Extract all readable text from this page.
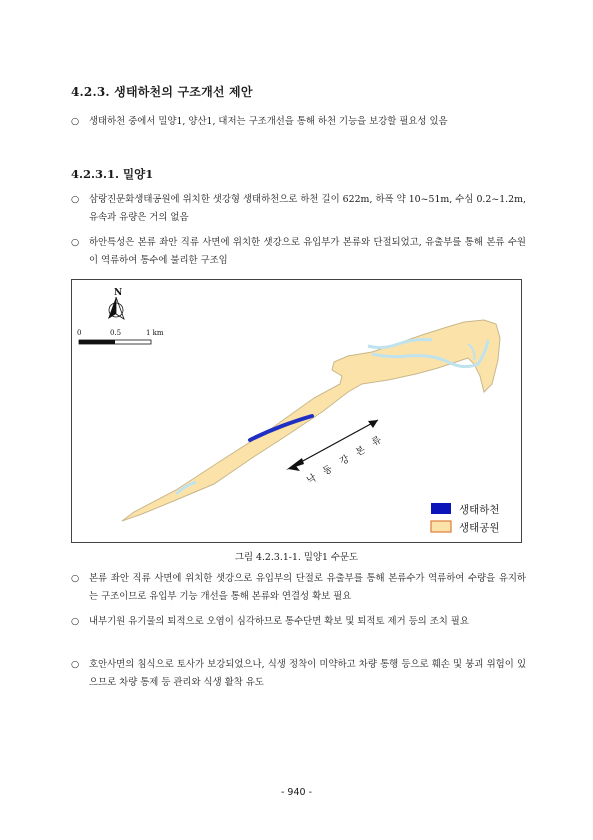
4.2.3. 생태하천의 구조개선 제안
○	생태하천 중에서 밀양1, 양산1, 대저는 구조개선을 통해 하천 기능을 보강할 필요성 있음
4.2.3.1. 밀양1
○	삼랑진문화생태공원에 위치한 샛강형 생태하천으로 하천 길이 622m, 하폭 약 10~51m, 수심 0.2~1.2m, 유속과 유량은 거의 없음
○	하안특성은 본류 좌안 직류 사면에 위치한 샛강으로 유입부가 본류와 단절되었고, 유출부를 통해 본류 수원이 역류하여 통수에 불리한 구조임
낙
동
강
본
류
N
0	0.5	1 km
생태하천
생태공원
그림 4.2.3.1-1. 밀양1 수문도
○	본류 좌안 직류 사면에 위치한 샛강으로 유입부의 단절로 유출부를 통해 본류수가 역류하여 수량을 유지하는 구조이므로 유입부 기능 개선을 통해 본류와 연결성 확보 필요
○	내부기원 유기물의 퇴적으로 오염이 심각하므로 통수단면 확보 및 퇴적토 제거 등의 조치 필요
○	호안사면의 침식으로 토사가 보강되었으나, 식생 정착이 미약하고 차량 통행 등으로 훼손 및 붕괴 위험이 있으므로 차량 통제 등 관리와 식생 활착 유도
- 940 -
